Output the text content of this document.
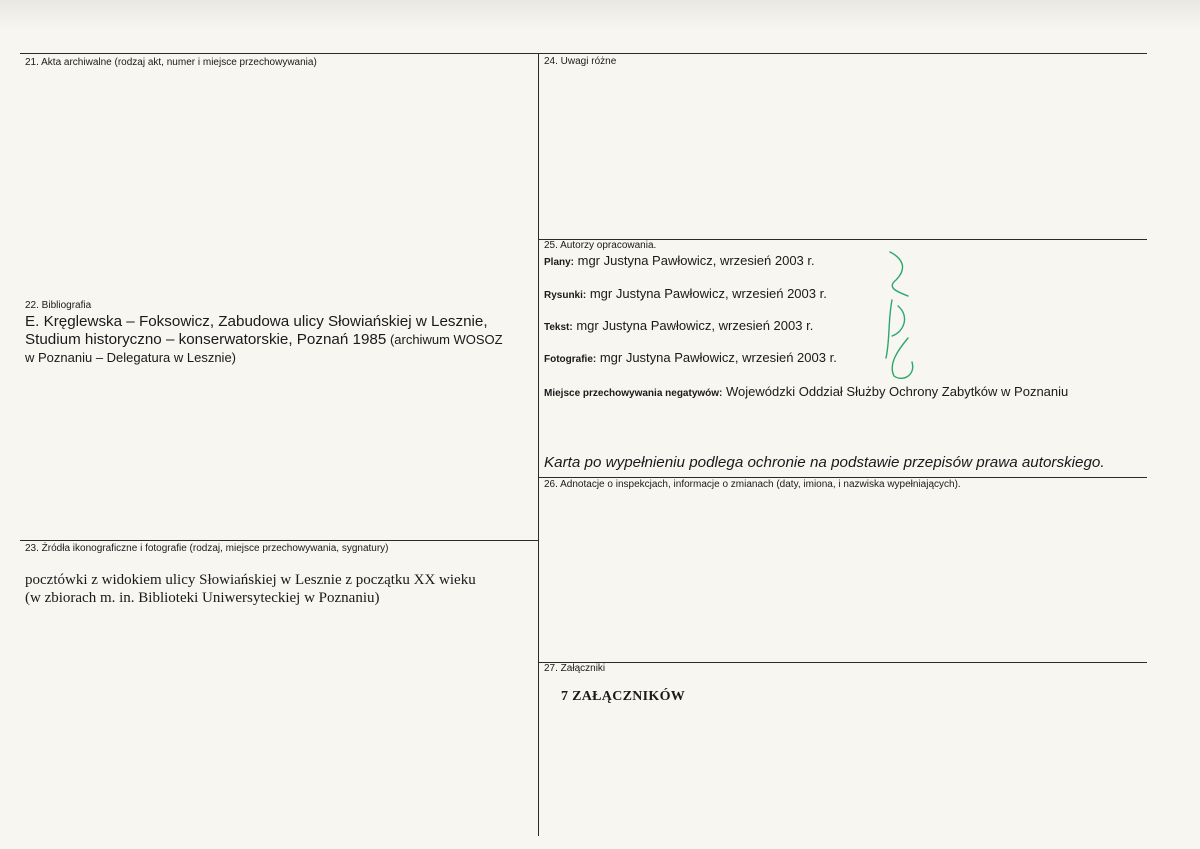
21. Akta archiwalne (rodzaj akt, numer i miejsce przechowywania)
22. Bibliografia
E. Kręglewska – Foksowicz, Zabudowa ulicy Słowiańskiej w Lesznie,
Studium historyczno – konserwatorskie, Poznań 1985 (archiwum WOSOZ
w Poznaniu – Delegatura w Lesznie)
23. Źródła ikonograficzne i fotografie (rodzaj, miejsce przechowywania, sygnatury)
pocztówki z widokiem ulicy Słowiańskiej w Lesznie z początku XX wieku
(w zbiorach m. in. Biblioteki Uniwersyteckiej w Poznaniu)
24. Uwagi różne
25. Autorzy opracowania.
Plany: mgr Justyna Pawłowicz, wrzesień 2003 r.
Rysunki: mgr Justyna Pawłowicz, wrzesień 2003 r.
Tekst: mgr Justyna Pawłowicz, wrzesień 2003 r.
Fotografie: mgr Justyna Pawłowicz, wrzesień 2003 r.
Miejsce przechowywania negatywów: Wojewódzki Oddział Służby Ochrony Zabytków w Poznaniu
Karta po wypełnieniu podlega ochronie na podstawie przepisów prawa autorskiego.
26. Adnotacje o inspekcjach, informacje o zmianach (daty, imiona, i nazwiska wypełniających).
27. Załączniki
7 ZAŁĄCZNIKÓW
